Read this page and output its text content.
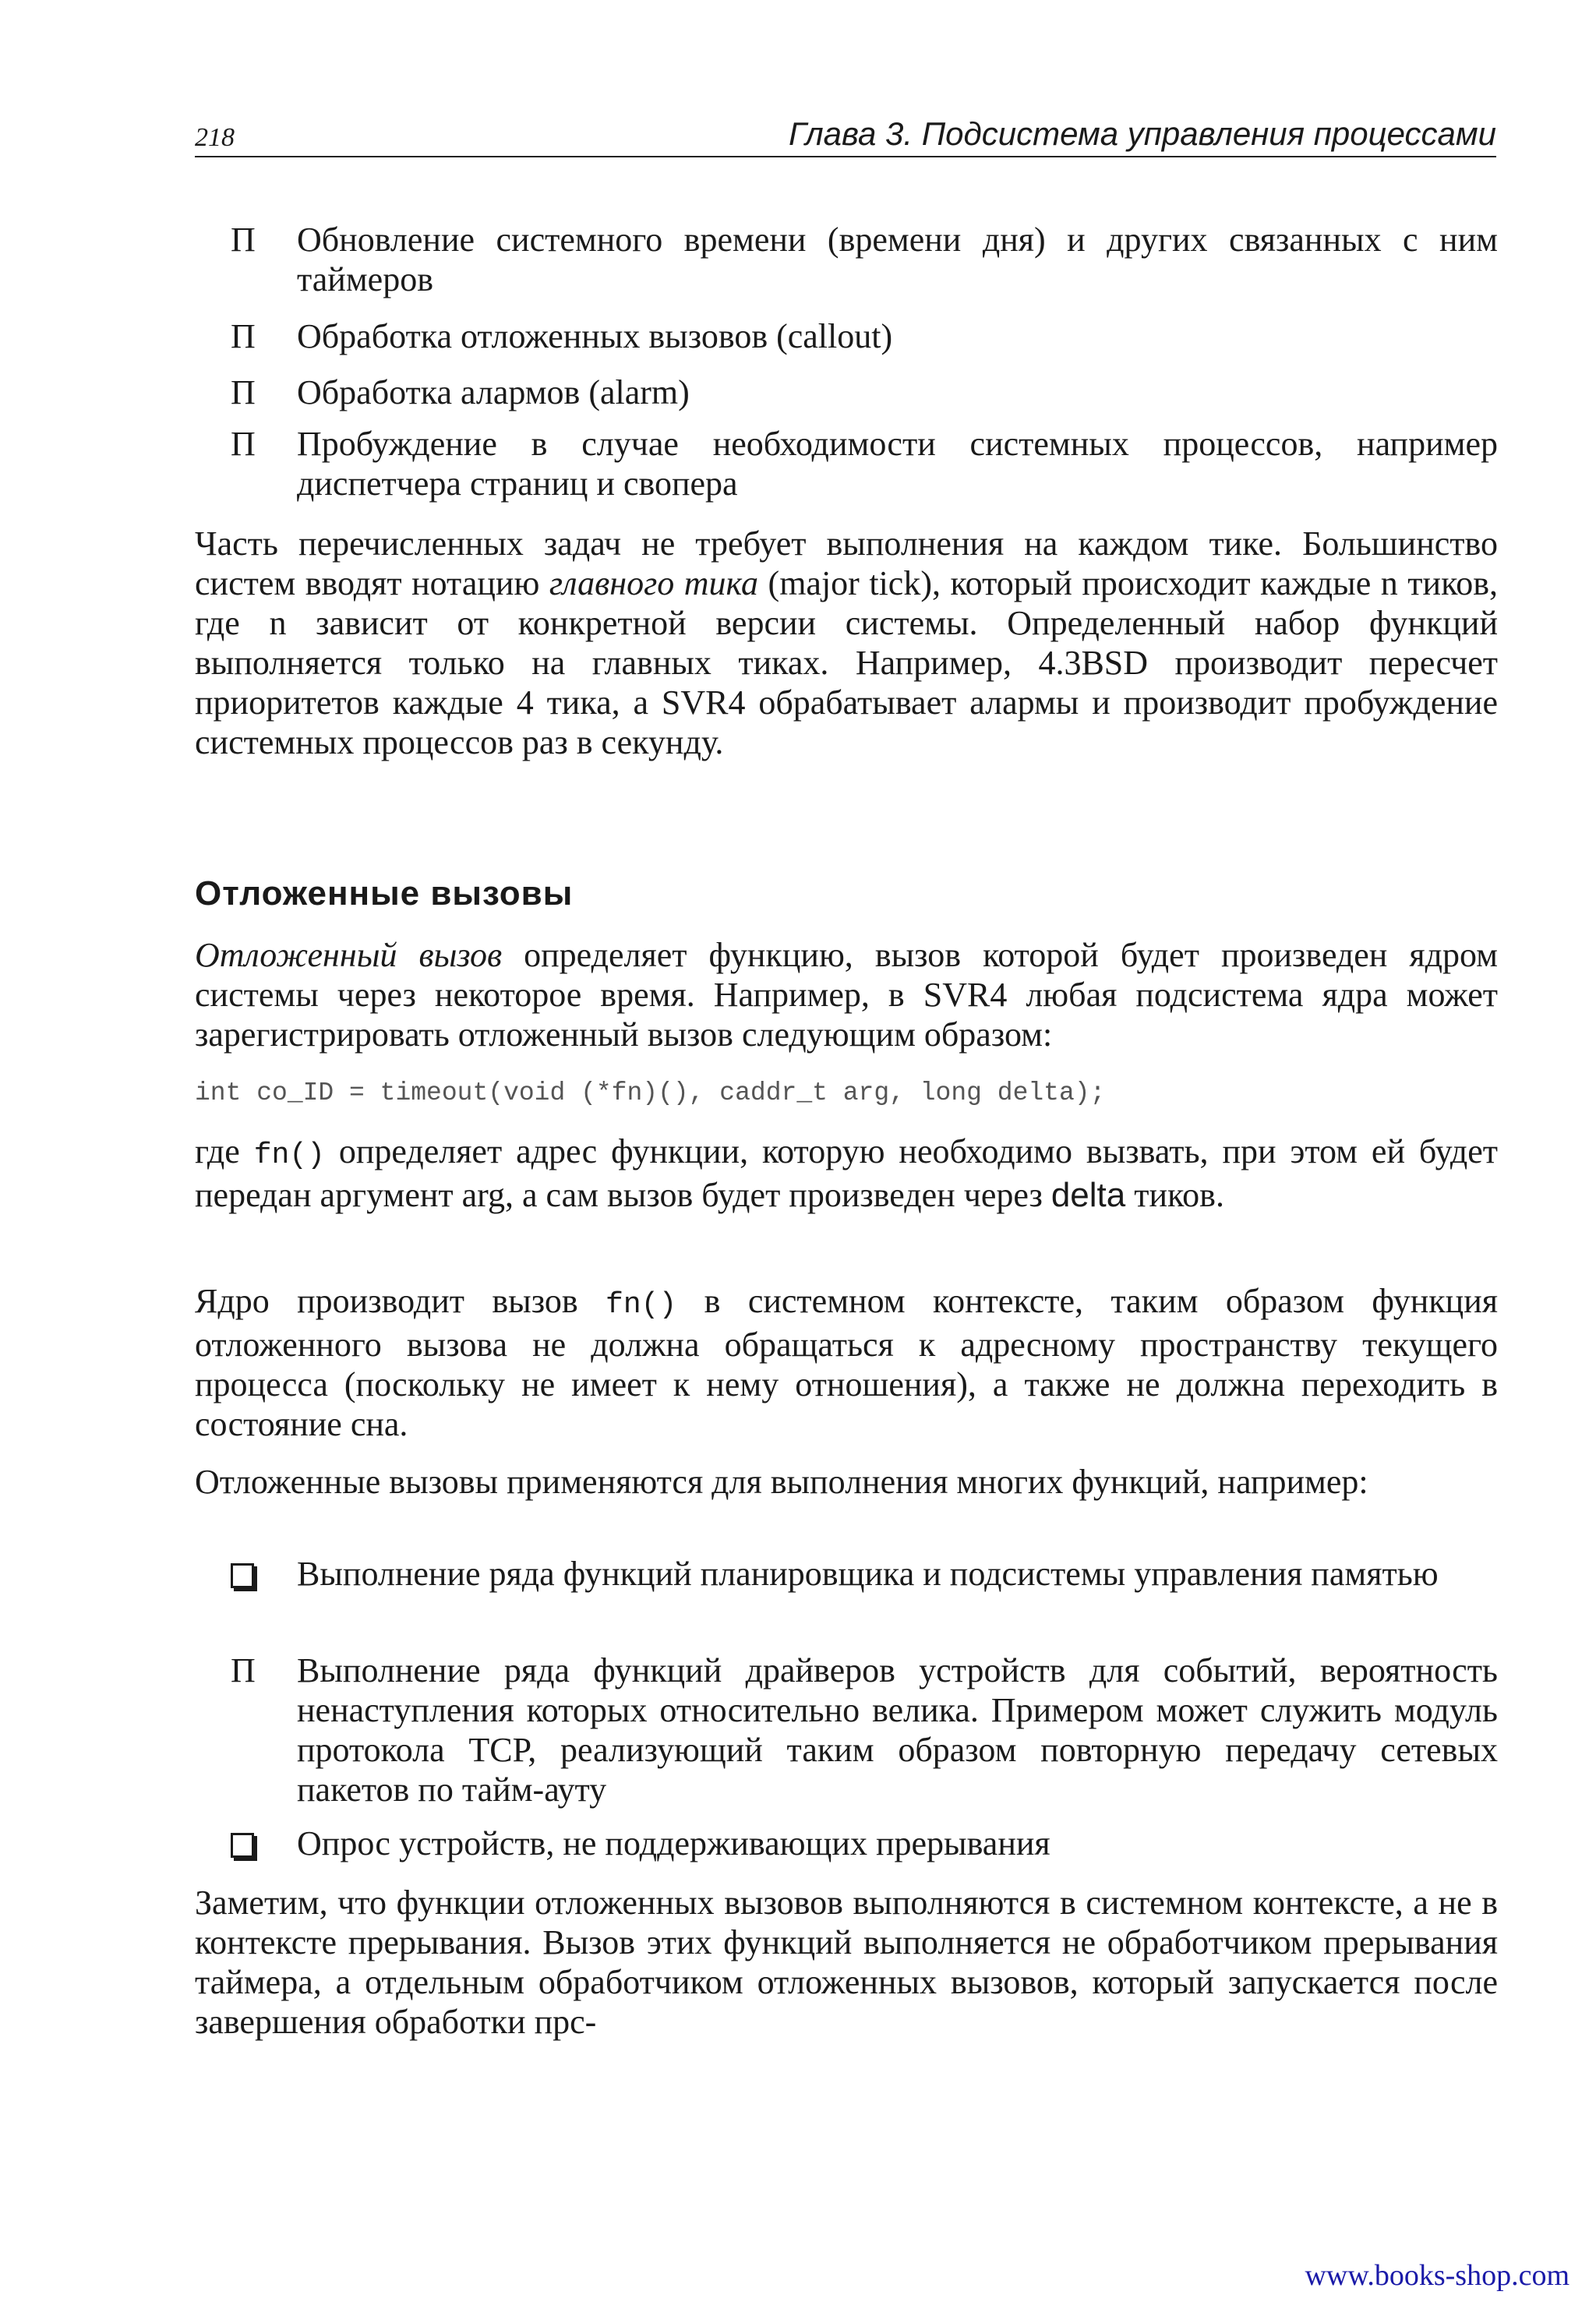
218	Глава 3. Подсистема управления процессами
П	Обновление системного времени (времени дня) и других связанных с ним таймеров
П	Обработка отложенных вызовов (callout)
П	Обработка алармов (alarm)
П	Пробуждение в случае необходимости системных процессов, например диспетчера страниц и свопера
Часть перечисленных задач не требует выполнения на каждом тике. Большинство систем вводят нотацию главного тика (major tick), который происходит каждые n тиков, где n зависит от конкретной версии системы. Определенный набор функций выполняется только на главных тиках. Например, 4.3BSD производит пересчет приоритетов каждые 4 тика, а SVR4 обрабатывает алармы и производит пробуждение системных процессов раз в секунду.
Отложенные вызовы
Отложенный вызов определяет функцию, вызов которой будет произведен ядром системы через некоторое время. Например, в SVR4 любая подсистема ядра может зарегистрировать отложенный вызов следующим образом:
int co_ID = timeout(void (*fn)(), caddr_t arg, long delta);
где fn() определяет адрес функции, которую необходимо вызвать, при этом ей будет передан аргумент arg, а сам вызов будет произведен через delta тиков.
Ядро производит вызов fn() в системном контексте, таким образом функция отложенного вызова не должна обращаться к адресному пространству текущего процесса (поскольку не имеет к нему отношения), а также не должна переходить в состояние сна.
Отложенные вызовы применяются для выполнения многих функций, например:
Выполнение ряда функций планировщика и подсистемы управления памятью
П	Выполнение ряда функций драйверов устройств для событий, вероятность ненаступления которых относительно велика. Примером может служить модуль протокола TCP, реализующий таким образом повторную передачу сетевых пакетов по тайм-ауту
Опрос устройств, не поддерживающих прерывания
Заметим, что функции отложенных вызовов выполняются в системном контексте, а не в контексте прерывания. Вызов этих функций выполняется не обработчиком прерывания таймера, а отдельным обработчиком отложенных вызовов, который запускается после завершения обработки прс-
www.books-shop.com
